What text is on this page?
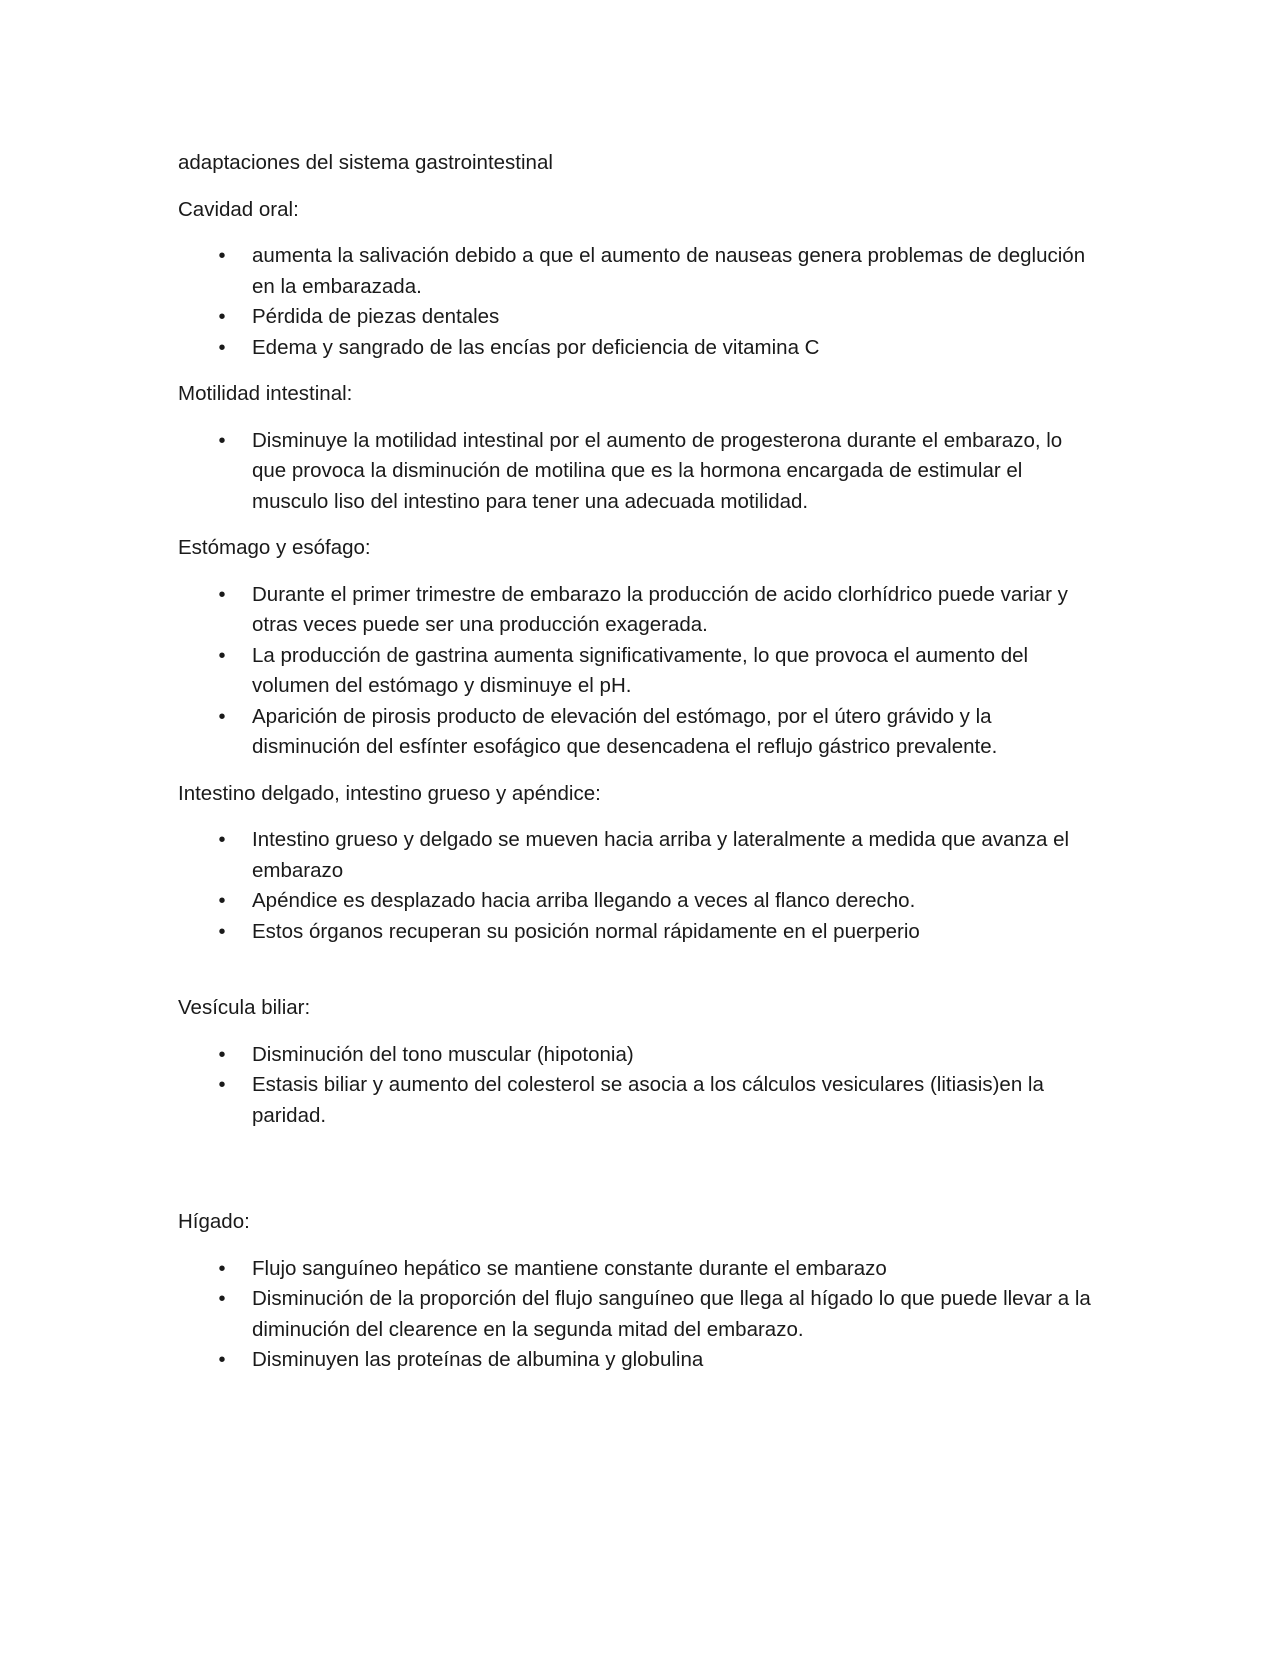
adaptaciones del sistema gastrointestinal

Cavidad oral:

•	aumenta la salivación debido a que el aumento de nauseas genera problemas de deglución en la embarazada.
•	Pérdida de piezas dentales
•	Edema y sangrado de las encías por deficiencia de vitamina C

Motilidad intestinal:

•	Disminuye la motilidad intestinal por el aumento de progesterona durante el embarazo, lo que provoca la disminución de motilina que es la hormona encargada de estimular el musculo liso del intestino para tener una adecuada motilidad.

Estómago y esófago:

•	Durante el primer trimestre de embarazo la producción de acido clorhídrico puede variar y otras veces puede ser una producción exagerada.
•	La producción de gastrina aumenta significativamente, lo que provoca el aumento del volumen del estómago y disminuye el pH.
•	Aparición de pirosis producto de elevación del estómago, por el útero grávido y la disminución del esfínter esofágico que desencadena el reflujo gástrico prevalente.

Intestino delgado, intestino grueso y apéndice:

•	Intestino grueso y delgado se mueven hacia arriba y lateralmente a medida que avanza el embarazo
•	Apéndice es desplazado hacia arriba llegando a veces al flanco derecho.
•	Estos órganos recuperan su posición normal rápidamente en el puerperio

Vesícula biliar:

•	Disminución del tono muscular (hipotonia)
•	Estasis biliar y aumento del colesterol se asocia a los cálculos vesiculares (litiasis)en la paridad.

Hígado:

•	Flujo sanguíneo hepático se mantiene constante durante el embarazo
•	Disminución de la proporción del flujo sanguíneo que llega al hígado lo que puede llevar a la diminución del clearence en la segunda mitad del embarazo.
•	Disminuyen las proteínas de albumina y globulina
